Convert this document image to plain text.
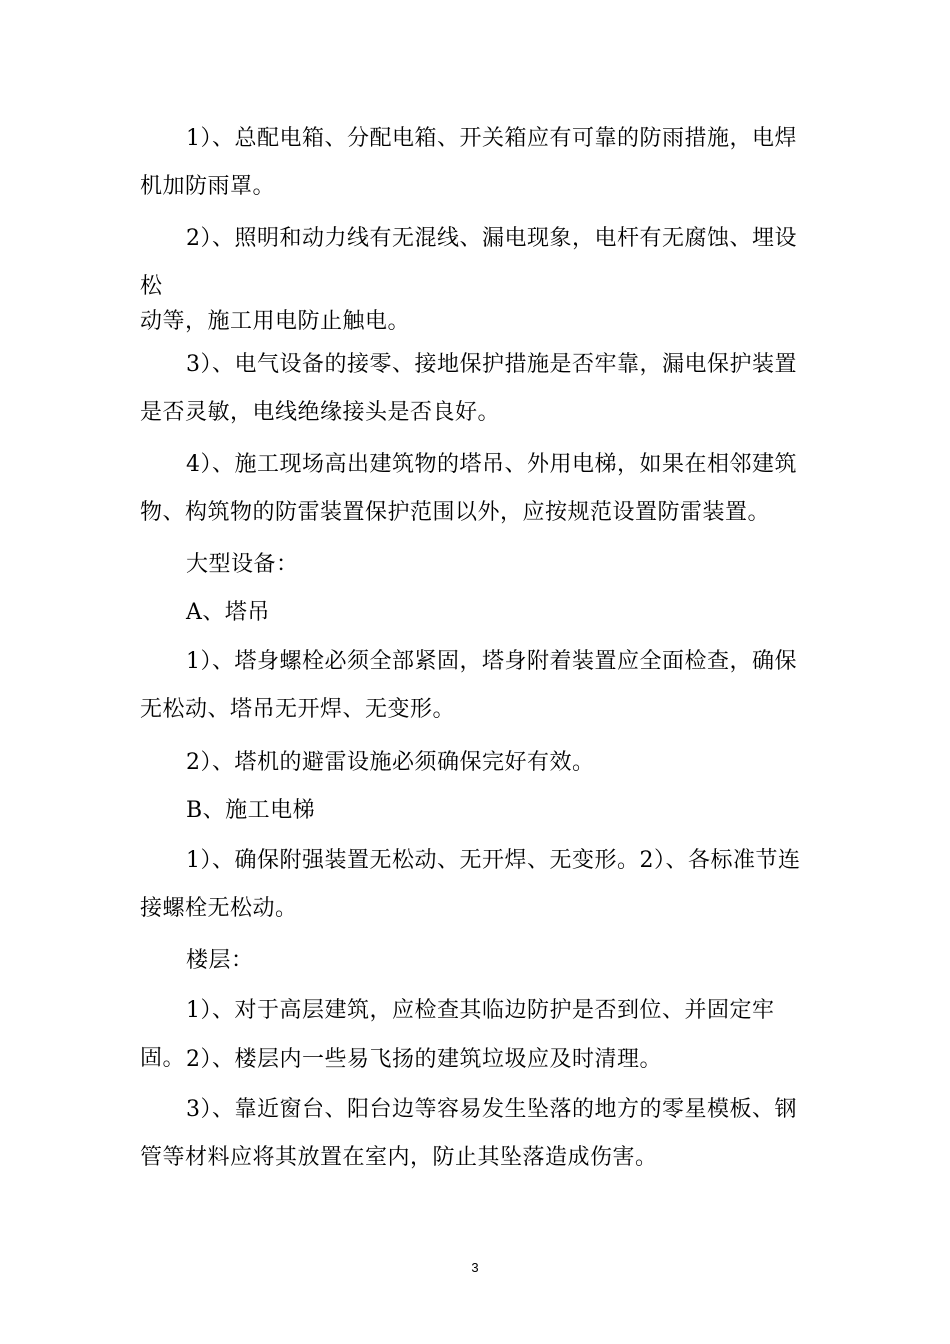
1）、总配电箱、分配电箱、开关箱应有可靠的防雨措施，电焊机加防雨罩。

2）、照明和动力线有无混线、漏电现象，电杆有无腐蚀、埋设松

动等，施工用电防止触电。

3）、电气设备的接零、接地保护措施是否牢靠，漏电保护装置是否灵敏，电线绝缘接头是否良好。

4）、施工现场高出建筑物的塔吊、外用电梯，如果在相邻建筑物、构筑物的防雷装置保护范围以外，应按规范设置防雷装置。

大型设备：

A、塔吊

1）、塔身螺栓必须全部紧固，塔身附着装置应全面检查，确保无松动、塔吊无开焊、无变形。

2）、塔机的避雷设施必须确保完好有效。

B、施工电梯

1）、确保附强装置无松动、无开焊、无变形。2）、各标准节连接螺栓无松动。

楼层：

1）、对于高层建筑，应检查其临边防护是否到位、并固定牢固。 2）、楼层内一些易飞扬的建筑垃圾应及时清理。

3）、靠近窗台、阳台边等容易发生坠落的地方的零星模板、钢管等材料应将其放置在室内，防止其坠落造成伤害。

3
